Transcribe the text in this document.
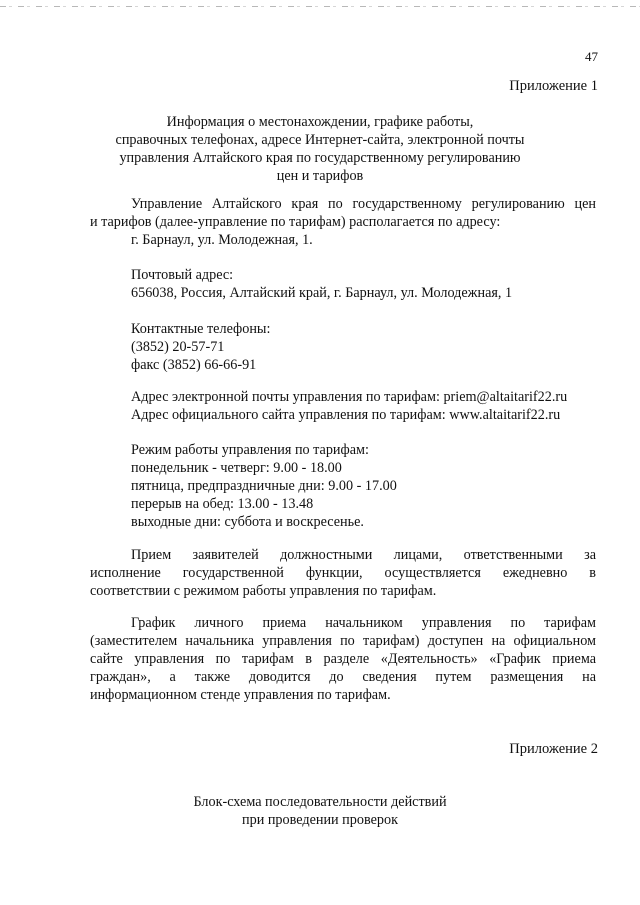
47
Приложение 1
Информация о местонахождении, графике работы,
справочных телефонах, адресе Интернет-сайта, электронной почты
управления Алтайского края по государственному регулированию
цен и тарифов
Управление Алтайского края по государственному регулированию цен
и тарифов (далее-управление по тарифам) располагается по адресу:
г. Барнаул, ул. Молодежная, 1.
Почтовый адрес:
656038, Россия, Алтайский край, г. Барнаул, ул. Молодежная, 1
Контактные телефоны:
(3852) 20-57-71
факс (3852) 66-66-91
Адрес электронной почты управления по тарифам: priem@altaitarif22.ru
Адрес официального сайта управления по тарифам: www.altaitarif22.ru
Режим работы управления по тарифам:
понедельник - четверг: 9.00 - 18.00
пятница, предпраздничные дни: 9.00 - 17.00
перерыв на обед: 13.00 - 13.48
выходные дни: суббота и воскресенье.
Прием заявителей должностными лицами, ответственными за
исполнение государственной функции, осуществляется ежедневно в
соответствии с режимом работы управления по тарифам.
График личного приема начальником управления по тарифам
(заместителем начальника управления по тарифам) доступен на официальном
сайте управления по тарифам в разделе «Деятельность» «График приема
граждан», а также доводится до сведения путем размещения на
информационном стенде управления по тарифам.
Приложение 2
Блок-схема последовательности действий
при проведении проверок
